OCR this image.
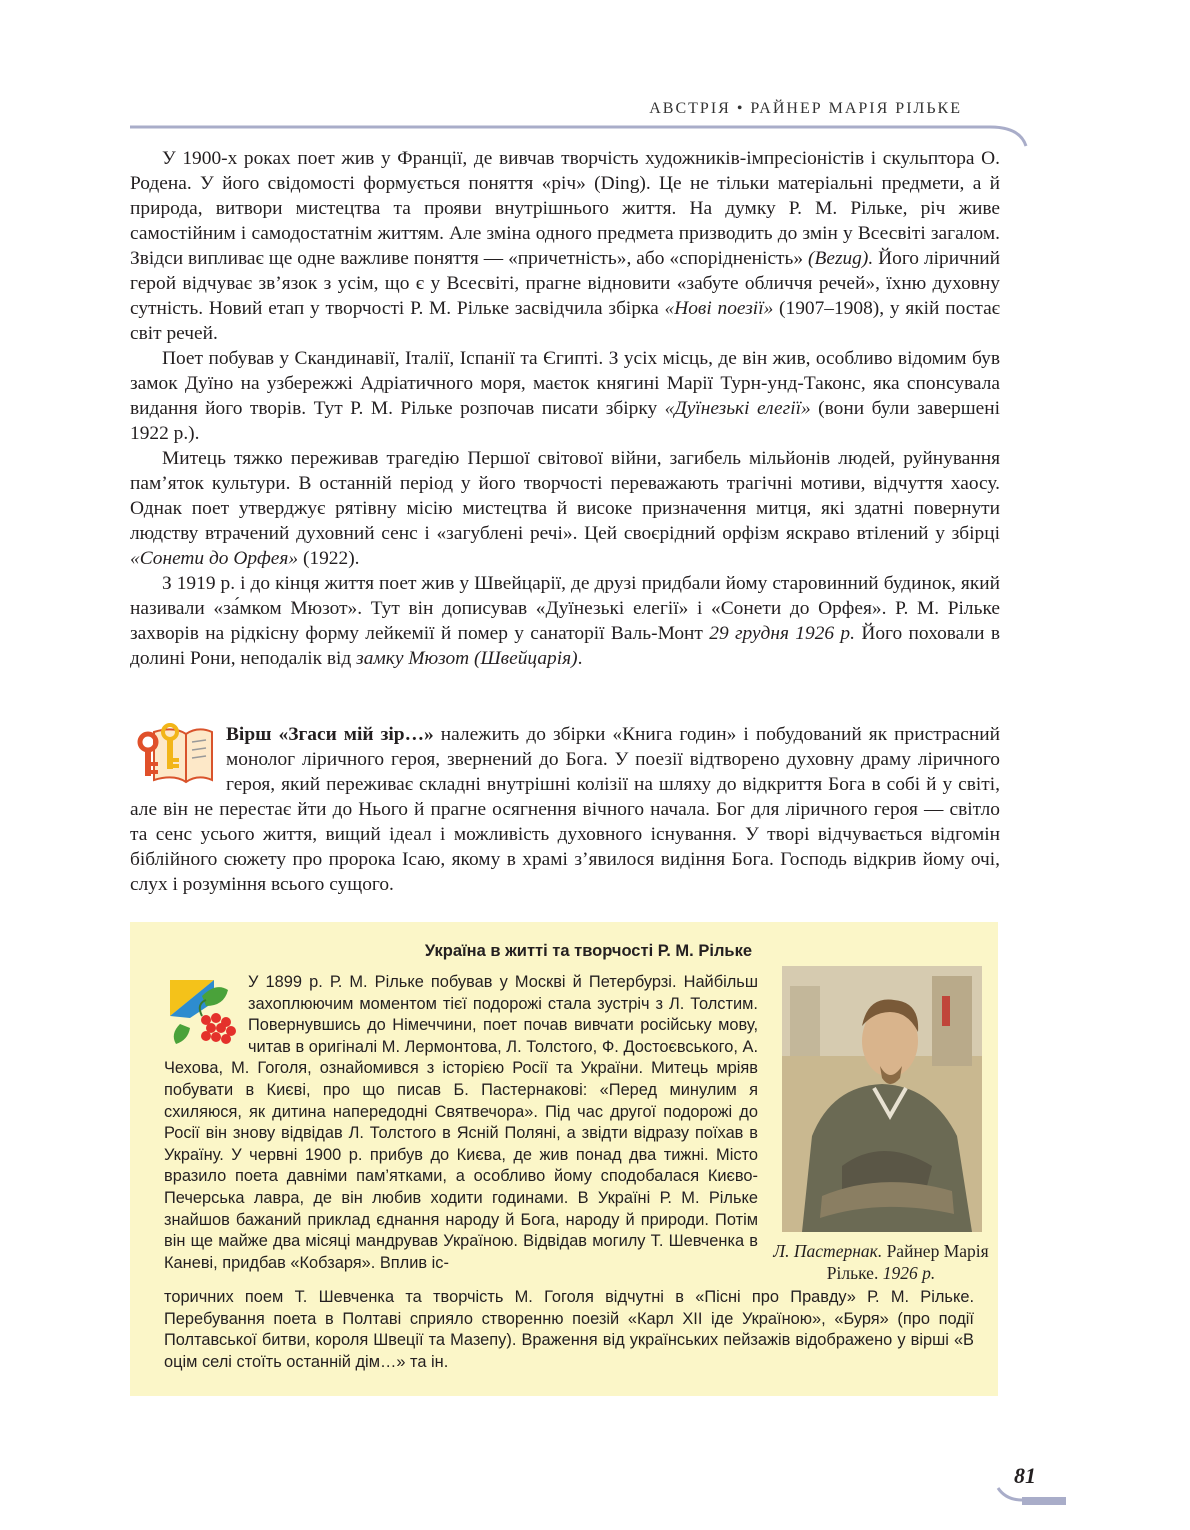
АВСТРІЯ • РАЙНЕР МАРІЯ РІЛЬКЕ

У 1900-х роках поет жив у Франції, де вивчав творчість художників-імпресіоністів і скульптора О. Родена. У його свідомості формується поняття «річ» (Ding). Це не тільки матеріальні предмети, а й природа, витвори мистецтва та прояви внутрішнього життя. На думку Р. М. Рільке, річ живе самостійним і самодостатнім життям. Але зміна одного предмета призводить до змін у Всесвіті загалом. Звідси випливає ще одне важливе поняття — «причетність», або «спорідненість» (Bezug). Його ліричний герой відчуває зв’язок з усім, що є у Всесвіті, прагне відновити «забуте обличчя речей», їхню духовну сутність. Новий етап у творчості Р. М. Рільке засвідчила збірка «Нові поезії» (1907–1908), у якій постає світ речей.

Поет побував у Скандинавії, Італії, Іспанії та Єгипті. З усіх місць, де він жив, особливо відомим був замок Дуїно на узбережжі Адріатичного моря, маєток княгині Марії Турн-унд-Таконс, яка спонсувала видання його творів. Тут Р. М. Рільке розпочав писати збірку «Дуїнезькі елегії» (вони були завершені 1922 р.).

Митець тяжко переживав трагедію Першої світової війни, загибель мільйонів людей, руйнування пам’яток культури. В останній період у його творчості переважають трагічні мотиви, відчуття хаосу. Однак поет утверджує рятівну місію мистецтва й високе призначення митця, які здатні повернути людству втрачений духовний сенс і «загублені речі». Цей своєрідний орфізм яскраво втілений у збірці «Сонети до Орфея» (1922).

З 1919 р. і до кінця життя поет жив у Швейцарії, де друзі придбали йому старовинний будинок, який називали «за́мком Мюзот». Тут він дописував «Дуїнезькі елегії» і «Сонети до Орфея». Р. М. Рільке захворів на рідкісну форму лейкемії й помер у санаторії Валь-Монт 29 грудня 1926 р. Його поховали в долині Рони, неподалік від замку Мюзот (Швейцарія).

Вірш «Згаси мій зір…» належить до збірки «Книга годин» і побудований як пристрасний монолог ліричного героя, звернений до Бога. У поезії відтворено духовну драму ліричного героя, який переживає складні внутрішні колізії на шляху до відкриття Бога в собі й у світі, але він не перестає йти до Нього й прагне осягнення вічного начала. Бог для ліричного героя — світло та сенс усього життя, вищий ідеал і можливість духовного існування. У творі відчувається відгомін біблійного сюжету про пророка Ісаю, якому в храмі з’явилося видіння Бога. Господь відкрив йому очі, слух і розуміння всього сущого.
Україна в житті та творчості Р. М. Рільке
У 1899 р. Р. М. Рільке побував у Москві й Петербурзі. Найбільш захоплюючим моментом тієї подорожі стала зустріч з Л. Толстим. Повернувшись до Німеччини, поет почав вивчати російську мову, читав в оригіналі М. Лермонтова, Л. Толстого, Ф. Достоєвського, А. Чехова, М. Гоголя, ознайомився з історією Росії та України. Митець мріяв побувати в Києві, про що писав Б. Пастернакові: «Перед минулим я схиляюся, як дитина напередодні Святвечора». Під час другої подорожі до Росії він знову відвідав Л. Толстого в Ясній Поляні, а звідти відразу поїхав в Україну. У червні 1900 р. прибув до Києва, де жив понад два тижні. Місто вразило поета давніми пам’ятками, а особливо йому сподобалася Києво-Печерська лавра, де він любив ходити годинами. В Україні Р. М. Рільке знайшов бажаний приклад єднання народу й Бога, народу й природи. Потім він ще майже два місяці мандрував Україною. Відвідав могилу Т. Шевченка в Каневі, придбав «Кобзаря». Вплив іс-
торичних поем Т. Шевченка та творчість М. Гоголя відчутні в «Пісні про Правду» Р. М. Рільке. Перебування поета в Полтаві сприяло створенню поезій «Карл XII іде Україною», «Буря» (про події Полтавської битви, короля Швеції та Мазепу). Враження від українських пейзажів відображено у вірші «В оцім селі стоїть останній дім…» та ін.
Л. Пастернак. Райнер Марія Рільке. 1926 р.
81
